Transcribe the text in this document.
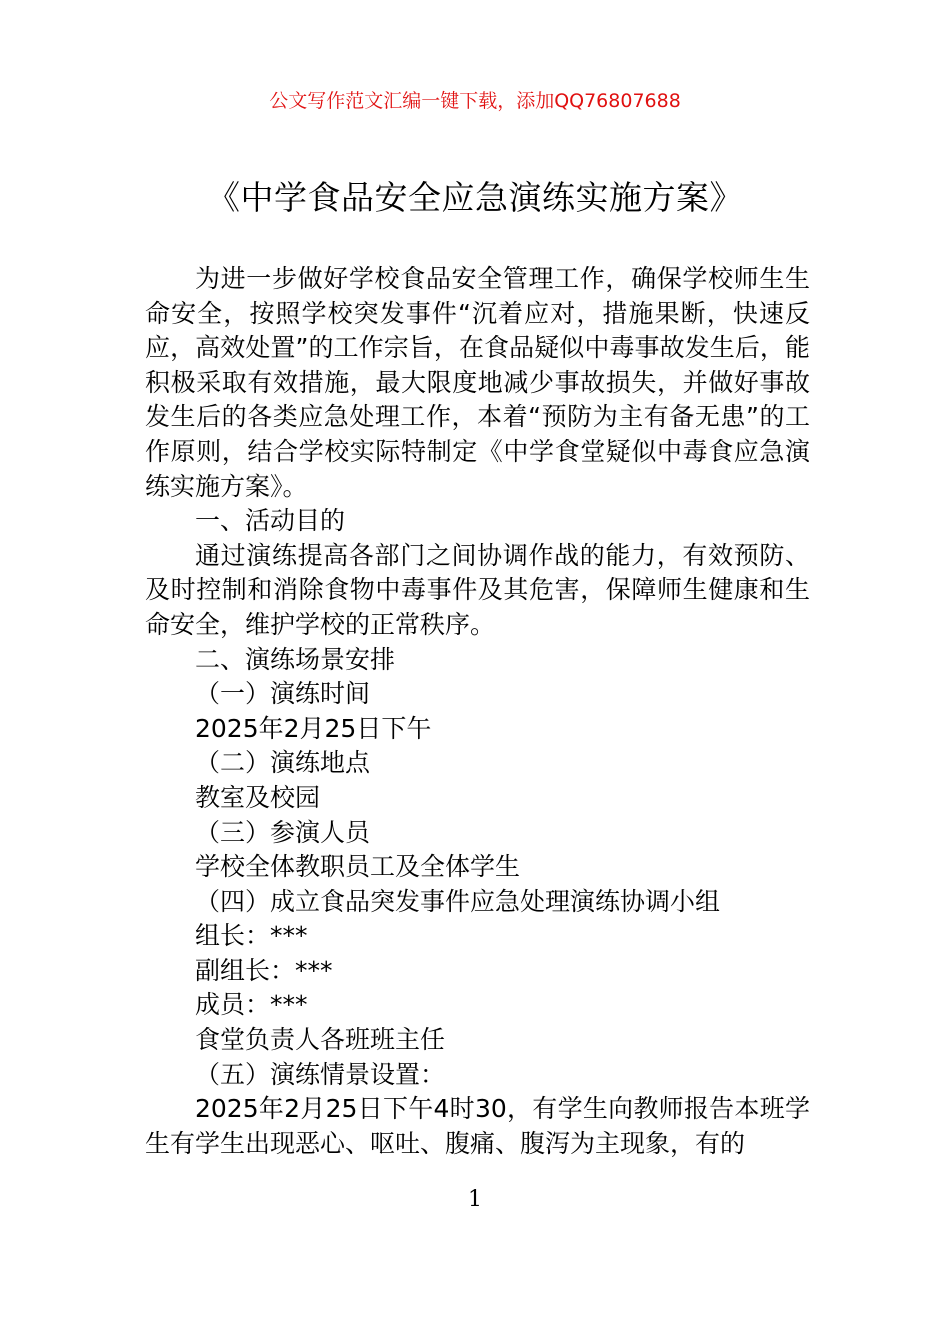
公文写作范文汇编一键下载，添加QQ76807688
《中学食品安全应急演练实施方案》

为进一步做好学校食品安全管理工作，确保学校师生生命安全，按照学校突发事件“沉着应对，措施果断，快速反应，高效处置”的工作宗旨，在食品疑似中毒事故发生后，能积极采取有效措施，最大限度地减少事故损失，并做好事故发生后的各类应急处理工作，本着“预防为主有备无患”的工作原则，结合学校实际特制定《中学食堂疑似中毒食应急演练实施方案》。

一、活动目的

通过演练提高各部门之间协调作战的能力，有效预防、及时控制和消除食物中毒事件及其危害，保障师生健康和生命安全，维护学校的正常秩序。

二、演练场景安排

（一）演练时间

2025年2月25日下午

（二）演练地点

教室及校园

（三）参演人员

学校全体教职员工及全体学生

（四）成立食品突发事件应急处理演练协调小组

组长：***

副组长：***

成员：***

食堂负责人各班班主任

（五）演练情景设置：

2025年2月25日下午4时30，有学生向教师报告本班学生有学生出现恶心、呕吐、腹痛、腹泻为主现象，有的

1
